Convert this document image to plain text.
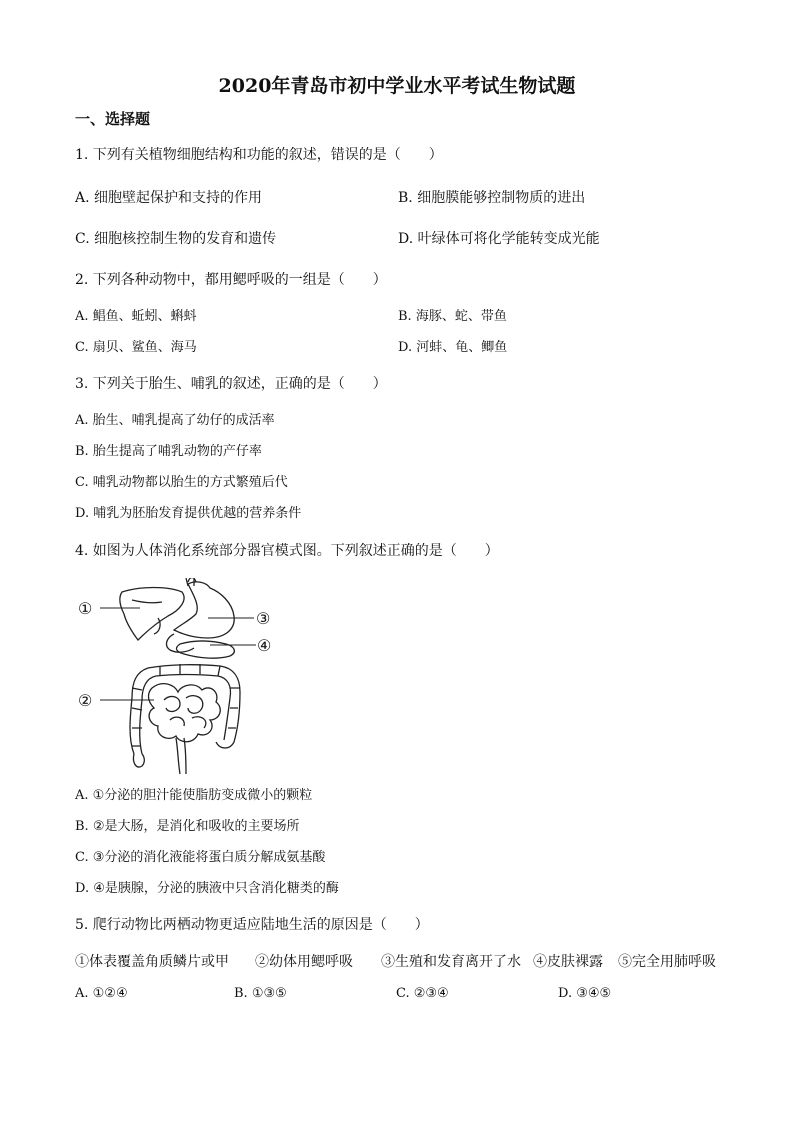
2020年青岛市初中学业水平考试生物试题
一、选择题
1. 下列有关植物细胞结构和功能的叙述，错误的是（　　）
A. 细胞壁起保护和支持的作用	B. 细胞膜能够控制物质的进出
C. 细胞核控制生物的发育和遗传	D. 叶绿体可将化学能转变成光能
2. 下列各种动物中，都用鳃呼吸的一组是（　　）
A. 鲳鱼、蚯蚓、蝌蚪	B. 海豚、蛇、带鱼
C. 扇贝、鲨鱼、海马	D. 河蚌、龟、鲫鱼
3. 下列关于胎生、哺乳的叙述，正确的是（　　）
A. 胎生、哺乳提高了幼仔的成活率
B. 胎生提高了哺乳动物的产仔率
C. 哺乳动物都以胎生的方式繁殖后代
D. 哺乳为胚胎发育提供优越的营养条件
4. 如图为人体消化系统部分器官模式图。下列叙述正确的是（　　）
①
②
③
④
A. ①分泌的胆汁能使脂肪变成微小的颗粒
B. ②是大肠，是消化和吸收的主要场所
C. ③分泌的消化液能将蛋白质分解成氨基酸
D. ④是胰腺，分泌的胰液中只含消化糖类的酶
5. 爬行动物比两栖动物更适应陆地生活的原因是（　　）
①体表覆盖角质鳞片或甲 ②幼体用鳃呼吸 ③生殖和发育离开了水 ④皮肤裸露 ⑤完全用肺呼吸
A. ①②④	B. ①③⑤	C. ②③④	D. ③④⑤
